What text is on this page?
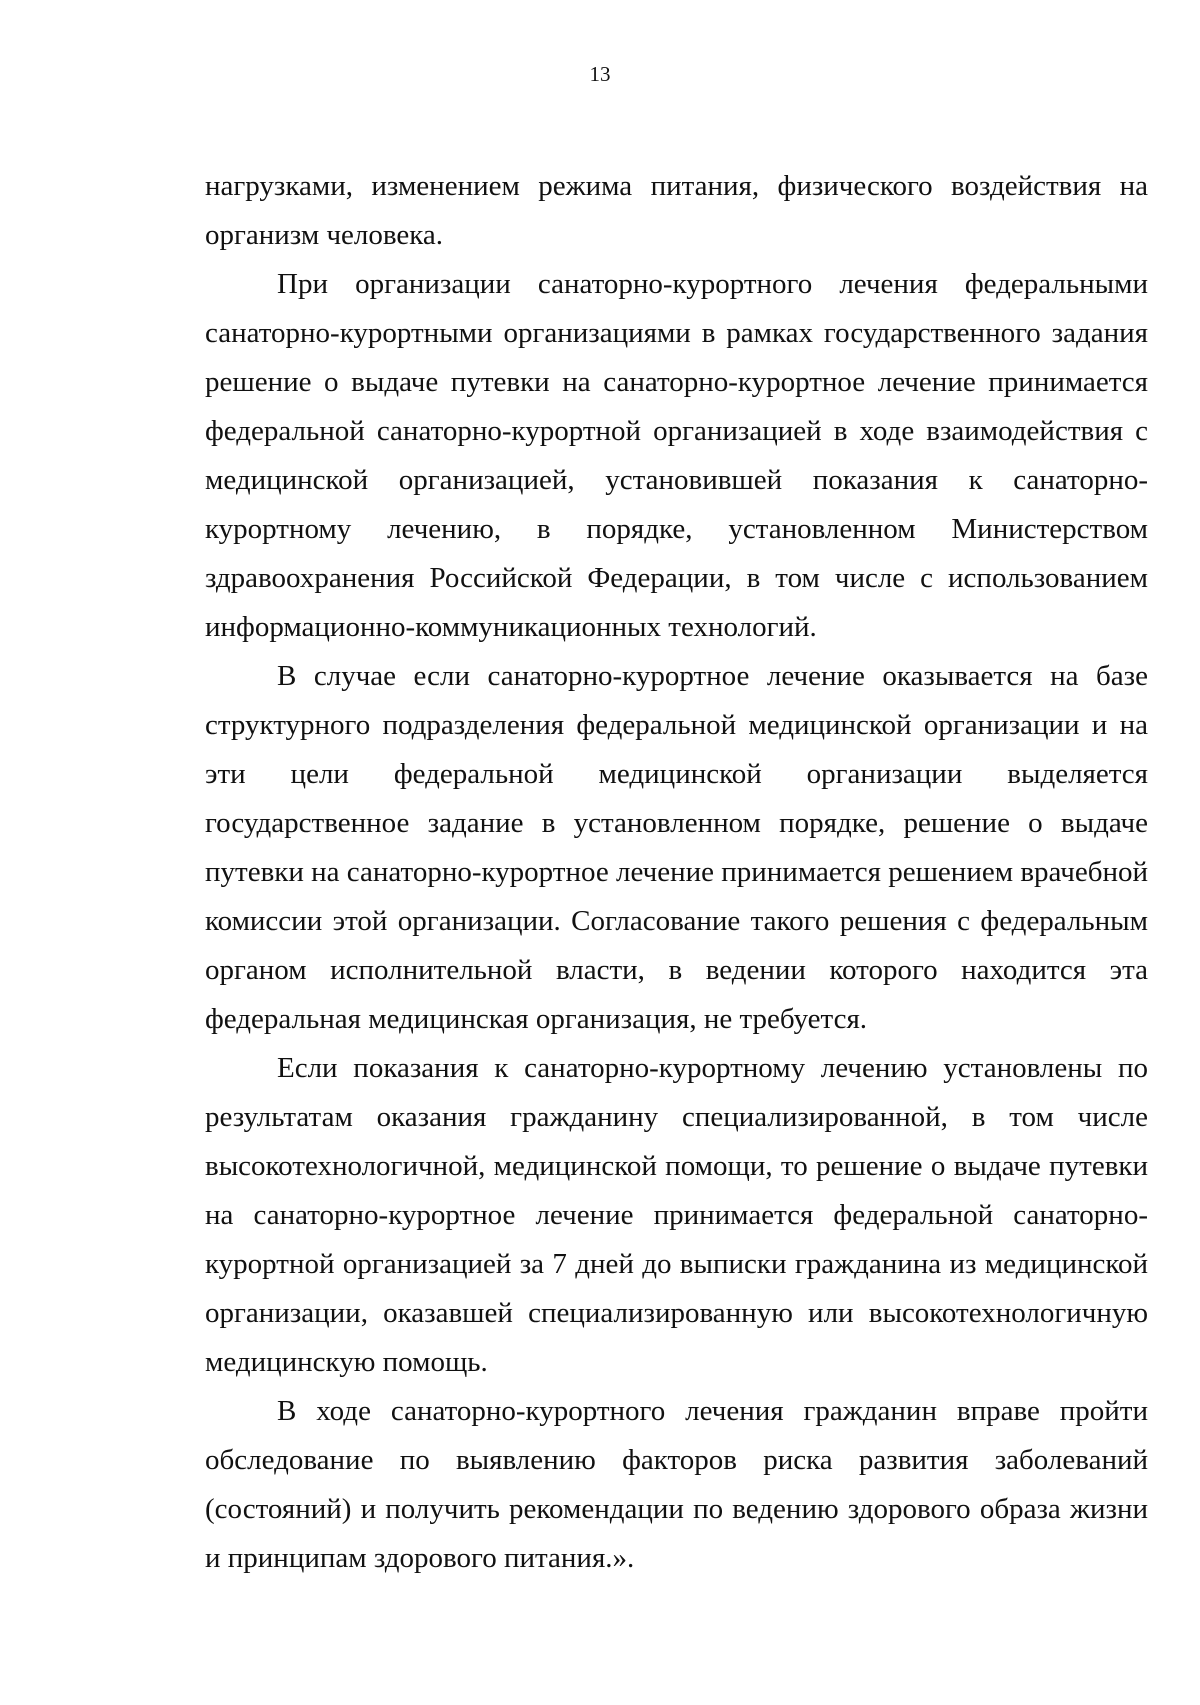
13

нагрузками, изменением режима питания, физического воздействия на организм человека.

При организации санаторно-курортного лечения федеральными санаторно-курортными организациями в рамках государственного задания решение о выдаче путевки на санаторно-курортное лечение принимается федеральной санаторно-курортной организацией в ходе взаимодействия с медицинской организацией, установившей показания к санаторно-курортному лечению, в порядке, установленном Министерством здравоохранения Российской Федерации, в том числе с использованием информационно-коммуникационных технологий.

В случае если санаторно-курортное лечение оказывается на базе структурного подразделения федеральной медицинской организации и на эти цели федеральной медицинской организации выделяется государственное задание в установленном порядке, решение о выдаче путевки на санаторно-курортное лечение принимается решением врачебной комиссии этой организации. Согласование такого решения с федеральным органом исполнительной власти, в ведении которого находится эта федеральная медицинская организация, не требуется.

Если показания к санаторно-курортному лечению установлены по результатам оказания гражданину специализированной, в том числе высокотехнологичной, медицинской помощи, то решение о выдаче путевки на санаторно-курортное лечение принимается федеральной санаторно-курортной организацией за 7 дней до выписки гражданина из медицинской организации, оказавшей специализированную или высокотехнологичную медицинскую помощь.

В ходе санаторно-курортного лечения гражданин вправе пройти обследование по выявлению факторов риска развития заболеваний (состояний) и получить рекомендации по ведению здорового образа жизни и принципам здорового питания.».
